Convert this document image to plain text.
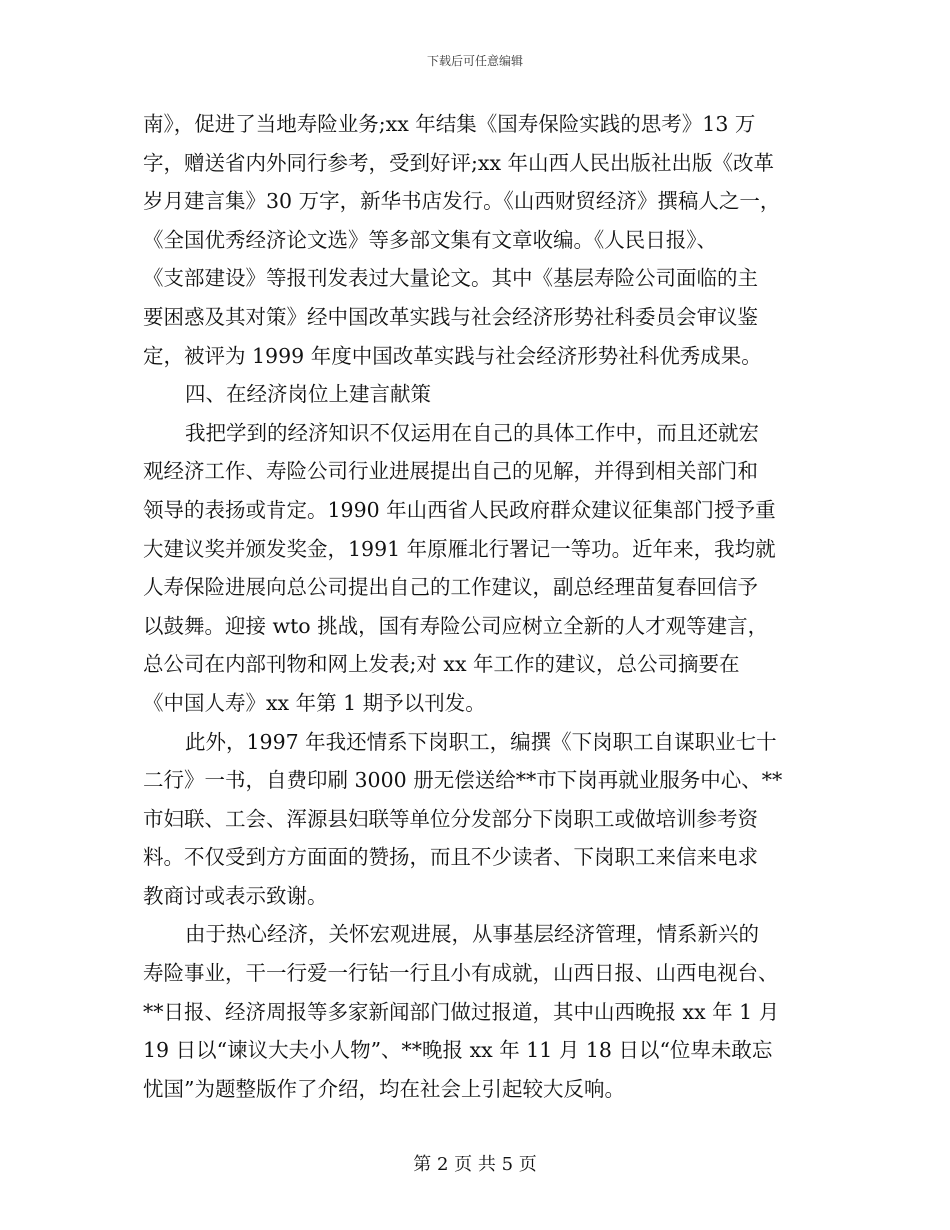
下载后可任意编辑
南》，促进了当地寿险业务;xx 年结集《国寿保险实践的思考》13 万
字，赠送省内外同行参考，受到好评;xx 年山西人民出版社出版《改革
岁月建言集》30 万字，新华书店发行。《山西财贸经济》撰稿人之一，
《全国优秀经济论文选》等多部文集有文章收编。《人民日报》、
《支部建设》等报刊发表过大量论文。其中《基层寿险公司面临的主
要困惑及其对策》经中国改革实践与社会经济形势社科委员会审议鉴
定，被评为 1999 年度中国改革实践与社会经济形势社科优秀成果。
四、在经济岗位上建言献策
我把学到的经济知识不仅运用在自己的具体工作中，而且还就宏
观经济工作、寿险公司行业进展提出自己的见解，并得到相关部门和
领导的表扬或肯定。1990 年山西省人民政府群众建议征集部门授予重
大建议奖并颁发奖金，1991 年原雁北行署记一等功。近年来，我均就
人寿保险进展向总公司提出自己的工作建议，副总经理苗复春回信予
以鼓舞。迎接 wto 挑战，国有寿险公司应树立全新的人才观等建言，
总公司在内部刊物和网上发表;对 xx 年工作的建议，总公司摘要在
《中国人寿》xx 年第 1 期予以刊发。
此外，1997 年我还情系下岗职工，编撰《下岗职工自谋职业七十
二行》一书，自费印刷 3000 册无偿送给**市下岗再就业服务中心、**
市妇联、工会、浑源县妇联等单位分发部分下岗职工或做培训参考资
料。不仅受到方方面面的赞扬，而且不少读者、下岗职工来信来电求
教商讨或表示致谢。
由于热心经济，关怀宏观进展，从事基层经济管理，情系新兴的
寿险事业，干一行爱一行钻一行且小有成就，山西日报、山西电视台、
**日报、经济周报等多家新闻部门做过报道，其中山西晚报 xx 年 1 月
19 日以“谏议大夫小人物”、**晚报 xx 年 11 月 18 日以“位卑未敢忘
忧国”为题整版作了介绍，均在社会上引起较大反响。
第 2 页 共 5 页
